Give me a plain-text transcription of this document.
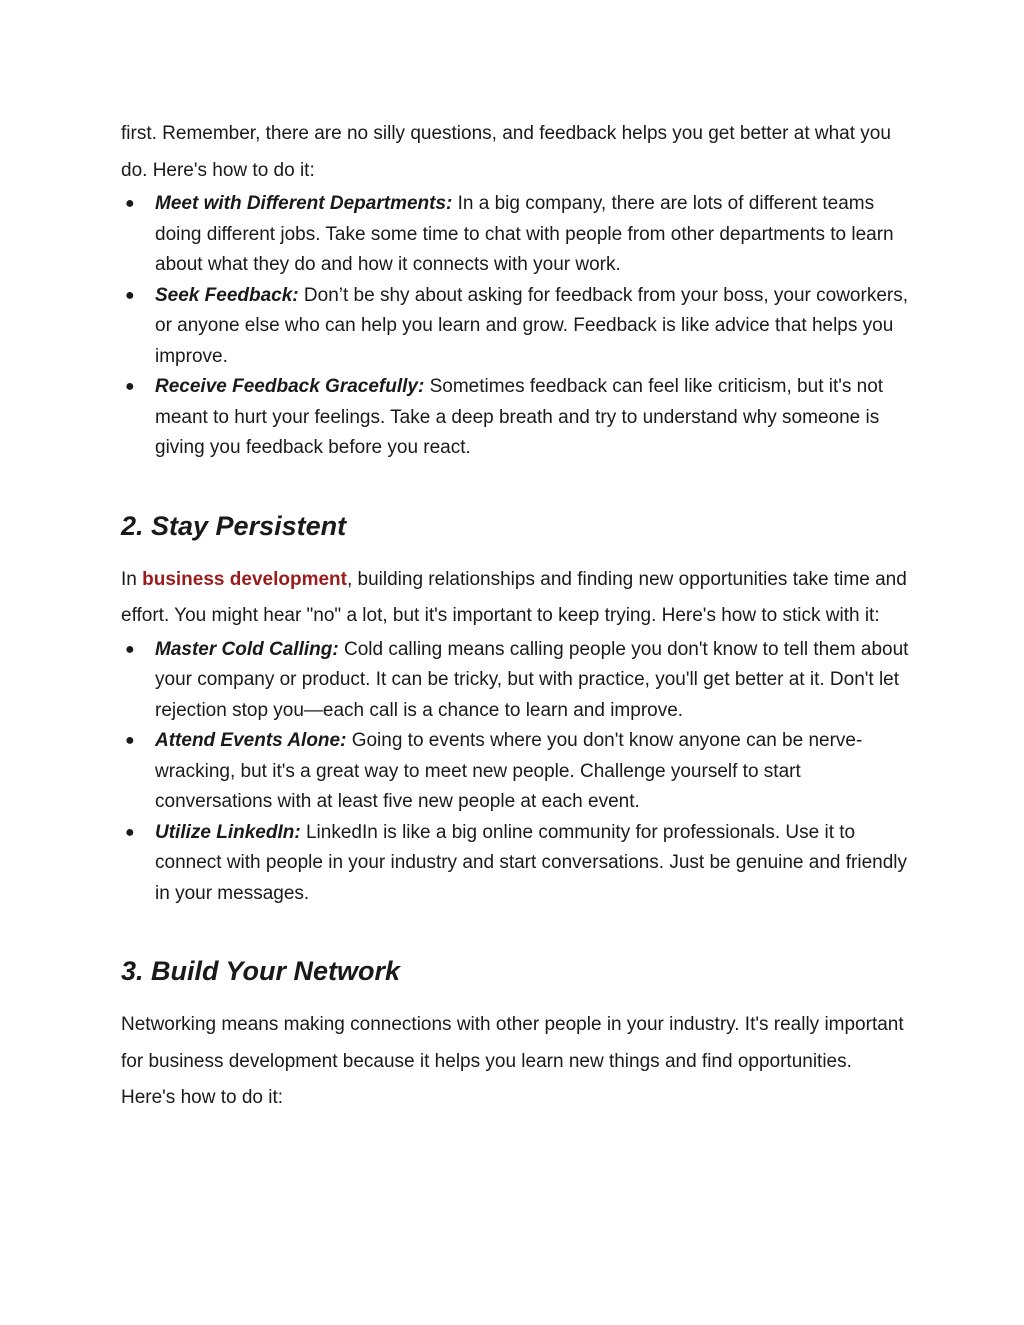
first. Remember, there are no silly questions, and feedback helps you get better at what you do. Here's how to do it:

● Meet with Different Departments: In a big company, there are lots of different teams doing different jobs. Take some time to chat with people from other departments to learn about what they do and how it connects with your work.
● Seek Feedback: Don’t be shy about asking for feedback from your boss, your coworkers, or anyone else who can help you learn and grow. Feedback is like advice that helps you improve.
● Receive Feedback Gracefully: Sometimes feedback can feel like criticism, but it's not meant to hurt your feelings. Take a deep breath and try to understand why someone is giving you feedback before you react.
2. Stay Persistent

In business development, building relationships and finding new opportunities take time and effort. You might hear "no" a lot, but it's important to keep trying. Here's how to stick with it:

● Master Cold Calling: Cold calling means calling people you don't know to tell them about your company or product. It can be tricky, but with practice, you'll get better at it. Don't let rejection stop you—each call is a chance to learn and improve.
● Attend Events Alone: Going to events where you don't know anyone can be nerve-wracking, but it's a great way to meet new people. Challenge yourself to start conversations with at least five new people at each event.
● Utilize LinkedIn: LinkedIn is like a big online community for professionals. Use it to connect with people in your industry and start conversations. Just be genuine and friendly in your messages.
3. Build Your Network

Networking means making connections with other people in your industry. It's really important for business development because it helps you learn new things and find opportunities. Here's how to do it:
